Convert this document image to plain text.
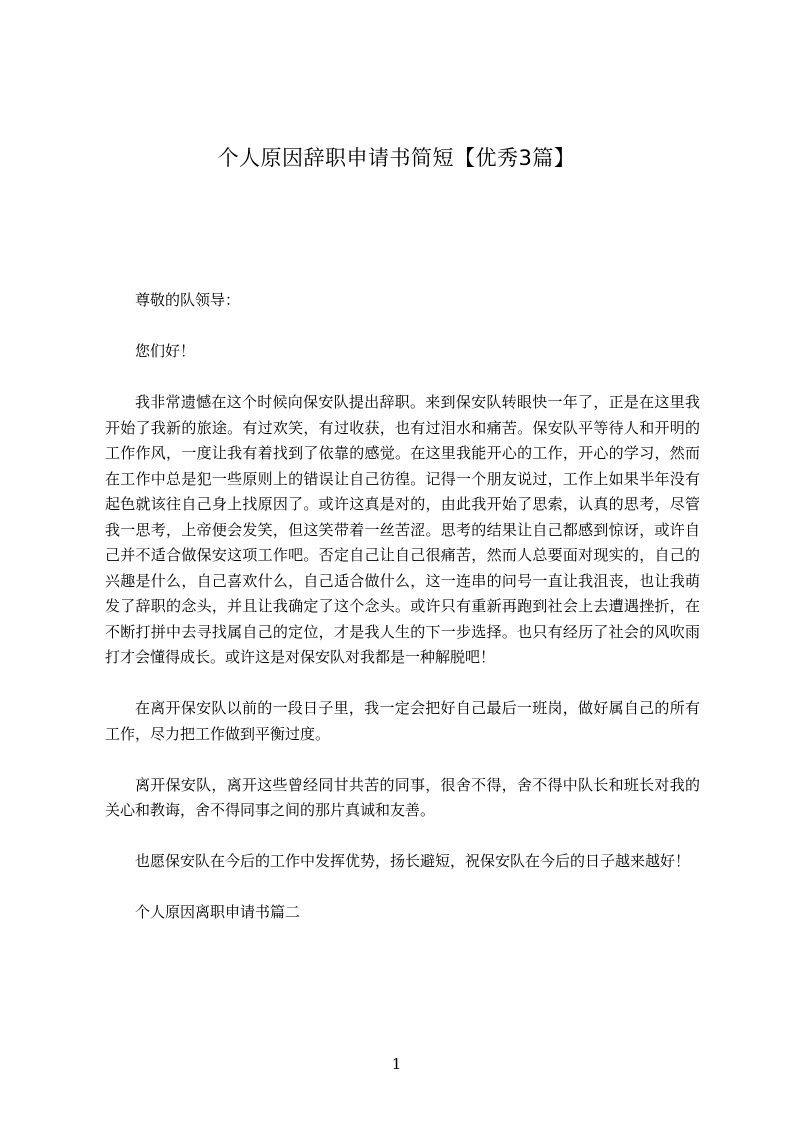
个人原因辞职申请书简短【优秀3篇】

尊敬的队领导：

您们好！

我非常遗憾在这个时候向保安队提出辞职。来到保安队转眼快一年了，正是在这里我开始了我新的旅途。有过欢笑，有过收获，也有过泪水和痛苦。保安队平等待人和开明的工作作风，一度让我有着找到了依靠的感觉。在这里我能开心的工作，开心的学习，然而在工作中总是犯一些原则上的错误让自己彷徨。记得一个朋友说过，工作上如果半年没有起色就该往自己身上找原因了。或许这真是对的，由此我开始了思索，认真的思考，尽管我一思考，上帝便会发笑，但这笑带着一丝苦涩。思考的结果让自己都感到惊讶，或许自己并不适合做保安这项工作吧。否定自己让自己很痛苦，然而人总要面对现实的，自己的兴趣是什么，自己喜欢什么，自己适合做什么，这一连串的问号一直让我沮丧，也让我萌发了辞职的念头，并且让我确定了这个念头。或许只有重新再跑到社会上去遭遇挫折，在不断打拼中去寻找属自己的定位，才是我人生的下一步选择。也只有经历了社会的风吹雨打才会懂得成长。或许这是对保安队对我都是一种解脱吧！

在离开保安队以前的一段日子里，我一定会把好自己最后一班岗，做好属自己的所有工作，尽力把工作做到平衡过度。

离开保安队，离开这些曾经同甘共苦的同事，很舍不得，舍不得中队长和班长对我的关心和教诲，舍不得同事之间的那片真诚和友善。

也愿保安队在今后的工作中发挥优势，扬长避短，祝保安队在今后的日子越来越好！

个人原因离职申请书篇二

1
